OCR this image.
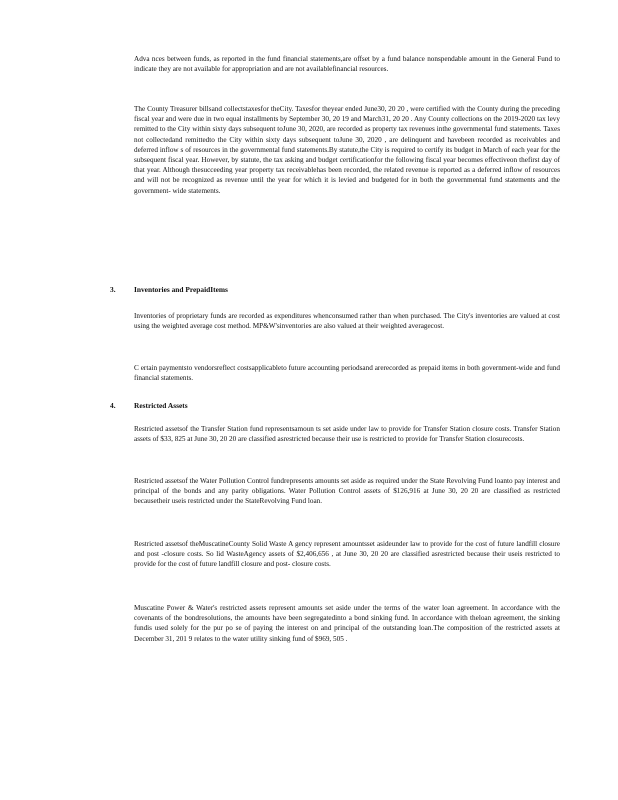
Adva nces between funds, as reported in the fund financial statements,are offset by a fund balance nonspendable amount in the General Fund to indicate they are not available for appropriation and are not availablefinancial resources.

The County Treasurer billsand collectstaxesfor theCity. Taxesfor theyear ended June30, 20 20 , were certified with the County during the preceding fiscal year and were due in two equal installments by September 30, 20 19 and March31, 20 20 . Any County collections on the 2019-2020 tax levy remitted to the City within sixty days subsequent toJune 30, 2020, are recorded as property tax revenues inthe governmental fund statements. Taxes not collectedand remittedto the City within sixty days subsequent toJune 30, 2020 , are delinquent and havebeen recorded as receivables and deferred inflow s of resources in the governmental fund statements.By statute,the City is required to certify its budget in March of each year for the subsequent fiscal year. However, by statute, the tax asking and budget certificationfor the following fiscal year becomes effectiveon thefirst day of that year. Although thesucceeding year property tax receivablehas been recorded, the related revenue is reported as a deferred inflow of resources and will not be recognized as revenue until the year for which it is levied and budgeted for in both the governmental fund statements and the government- wide statements.

3. Inventories and PrepaidItems

Inventories of proprietary funds are recorded as expenditures whenconsumed rather than when purchased. The City's inventories are valued at cost using the weighted average cost method. MP&W'sinventories are also valued at their weighted averagecost.

C ertain paymentsto vendorsreflect costsapplicableto future accounting periodsand arerecorded as prepaid items in both government-wide and fund financial statements.

4. Restricted Assets

Restricted assetsof the Transfer Station fund representsamoun ts set aside under law to provide for Transfer Station closure costs. Transfer Station assets of $33, 825 at June 30, 20 20 are classified asrestricted because their use is restricted to provide for Transfer Station closurecosts.

Restricted assetsof the Water Pollution Control fundrepresents amounts set aside as required under the State Revolving Fund loanto pay interest and principal of the bonds and any parity obligations. Water Pollution Control assets of $126,916 at June 30, 20 20 are classified as restricted becausetheir useis restricted under the StateRevolving Fund loan.

Restricted assetsof theMuscatineCounty Solid Waste A gency represent amountsset asideunder law to provide for the cost of future landfill closure and post -closure costs. So lid WasteAgency assets of $2,406,656 , at June 30, 20 20 are classified asrestricted because their useis restricted to provide for the cost of future landfill closure and post- closure costs.

Muscatine Power & Water's restricted assets represent amounts set aside under the terms of the water loan agreement. In accordance with the covenants of the bondresolutions, the amounts have been segregatedinto a bond sinking fund. In accordance with theloan agreement, the sinking fundis used solely for the pur po se of paying the interest on and principal of the outstanding loan.The composition of the restricted assets at December 31, 201 9 relates to the water utility sinking fund of $969, 505 .
